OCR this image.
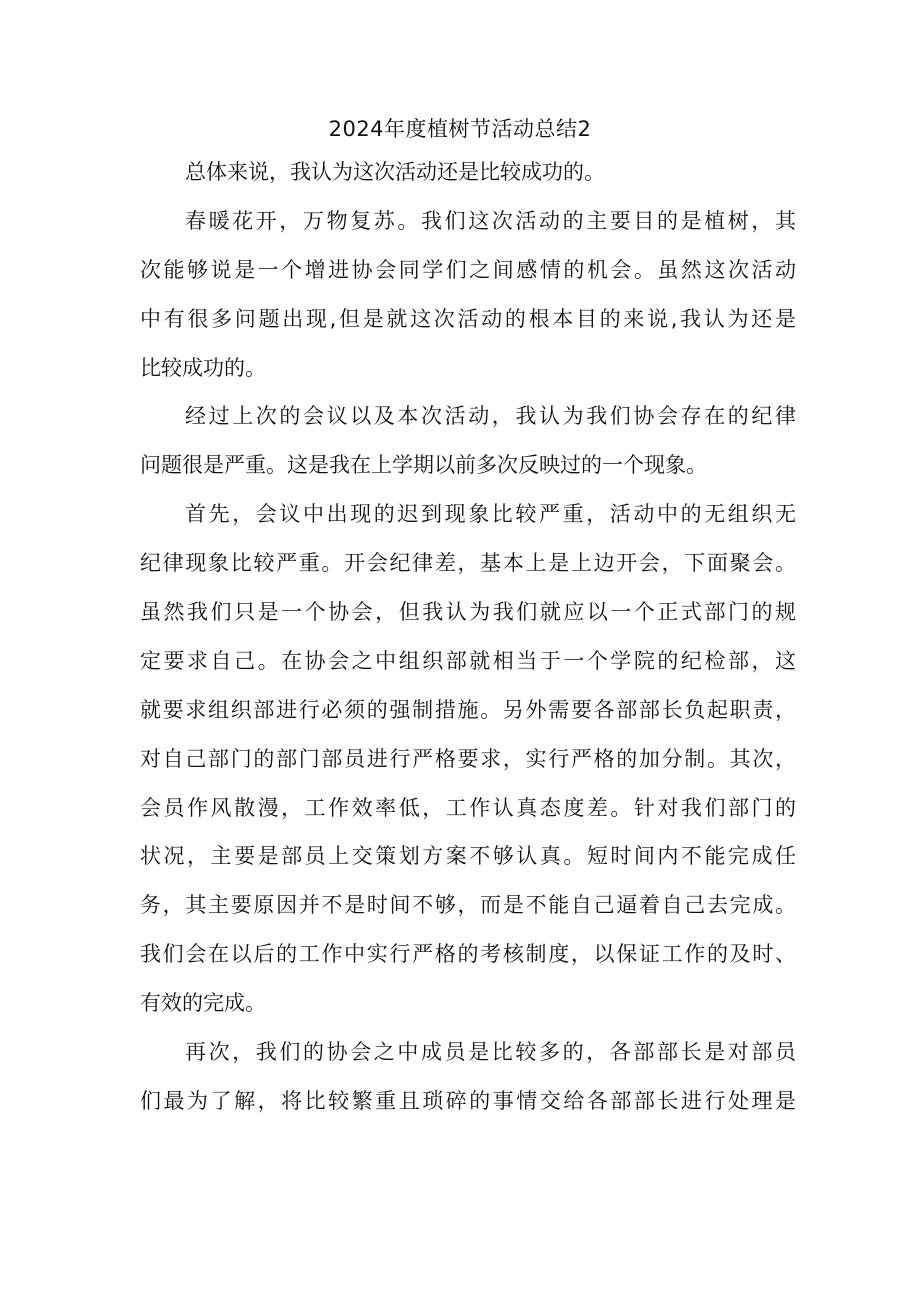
2024年度植树节活动总结2
总体来说，我认为这次活动还是比较成功的。
春暖花开，万物复苏。我们这次活动的主要目的是植树，其
次能够说是一个增进协会同学们之间感情的机会。虽然这次活动
中有很多问题出现,但是就这次活动的根本目的来说,我认为还是
比较成功的。
经过上次的会议以及本次活动，我认为我们协会存在的纪律
问题很是严重。这是我在上学期以前多次反映过的一个现象。
首先，会议中出现的迟到现象比较严重，活动中的无组织无
纪律现象比较严重。开会纪律差，基本上是上边开会，下面聚会。
虽然我们只是一个协会，但我认为我们就应以一个正式部门的规
定要求自己。在协会之中组织部就相当于一个学院的纪检部，这
就要求组织部进行必须的强制措施。另外需要各部部长负起职责，
对自己部门的部门部员进行严格要求，实行严格的加分制。其次，
会员作风散漫，工作效率低，工作认真态度差。针对我们部门的
状况，主要是部员上交策划方案不够认真。短时间内不能完成任
务，其主要原因并不是时间不够，而是不能自己逼着自己去完成。
我们会在以后的工作中实行严格的考核制度，以保证工作的及时、
有效的完成。
再次，我们的协会之中成员是比较多的，各部部长是对部员
们最为了解，将比较繁重且琐碎的事情交给各部部长进行处理是
